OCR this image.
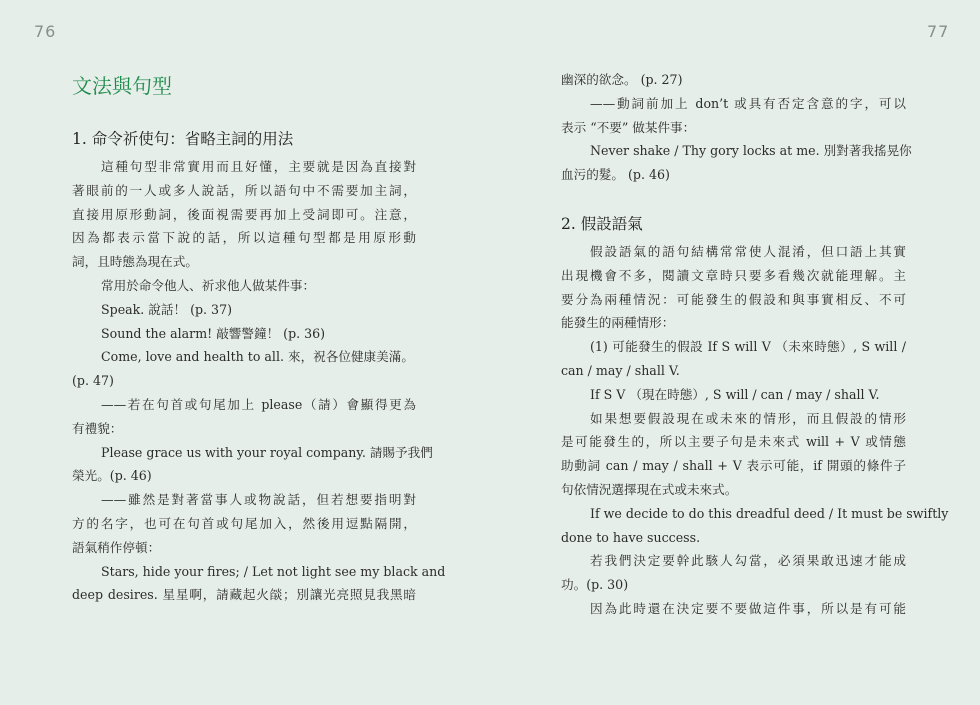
76	77
文法與句型
1. 命令祈使句：省略主詞的用法
這種句型非常實用而且好懂，主要就是因為直接對
著眼前的一人或多人說話，所以語句中不需要加主詞，
直接用原形動詞，後面視需要再加上受詞即可。注意，
因為都表示當下說的話，所以這種句型都是用原形動
詞，且時態為現在式。
常用於命令他人、祈求他人做某件事：
Speak. 說話！ (p. 37)
Sound the alarm! 敲響警鐘！ (p. 36)
Come, love and health to all. 來，祝各位健康美滿。
(p. 47)
——若在句首或句尾加上 please（請）會顯得更為
有禮貌：
Please grace us with your royal company. 請賜予我們
榮光。(p. 46)
——雖然是對著當事人或物說話，但若想要指明對
方的名字，也可在句首或句尾加入，然後用逗點隔開，
語氣稍作停頓：
Stars, hide your fires; / Let not light see my black and
deep desires. 星星啊，請藏起火燄；別讓光亮照見我黑暗
幽深的欲念。 (p. 27)
——動詞前加上 don’t 或具有否定含意的字，可以
表示 “不要” 做某件事：
Never shake / Thy gory locks at me. 別對著我搖晃你
血污的髮。 (p. 46)
2. 假設語氣
假設語氣的語句結構常常使人混淆，但口語上其實
出現機會不多，閱讀文章時只要多看幾次就能理解。主
要分為兩種情況：可能發生的假設和與事實相反、不可
能發生的兩種情形：
(1) 可能發生的假設 If S will V （未來時態）, S will /
can / may / shall V.
If S V （現在時態）, S will / can / may / shall V.
如果想要假設現在或未來的情形，而且假設的情形
是可能發生的，所以主要子句是未來式 will + V 或情態
助動詞 can / may / shall + V 表示可能，if 開頭的條件子
句依情況選擇現在式或未來式。
If we decide to do this dreadful deed / It must be swiftly
done to have success.
若我們決定要幹此駭人勾當，必須果敢迅速才能成
功。(p. 30)
因為此時還在決定要不要做這件事，所以是有可能
